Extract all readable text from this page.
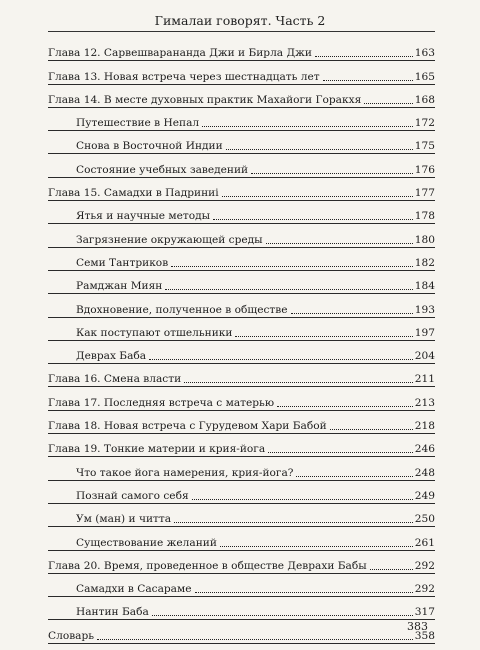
Гималаи говорят. Часть 2
Глава 12. Сарвешварананда Джи и Бирла Джи	163
Глава 13. Новая встреча через шестнадцать лет	165
Глава 14. В месте духовных практик Махайоги Горакхя	168
Путешествие в Непал	172
Снова в Восточной Индии	175
Состояние учебных заведений	176
Глава 15. Самадхи в Падриниi	177
Ятья и научные методы	178
Загрязнение окружающей среды	180
Семи Тантриков	182
Рамджан Миян	184
Вдохновение, полученное в обществе	193
Как поступают отшельники	197
Деврах Баба	204
Глава 16. Смена власти	211
Глава 17. Последняя встреча с матерью	213
Глава 18. Новая встреча с Гурудевом Хари Бабой	218
Глава 19. Тонкие материи и крия-йога	246
Что такое йога намерения, крия-йога?	248
Познай самого себя	249
Ум (ман) и читта	250
Существование желаний	261
Глава 20. Время, проведенное в обществе Деврахи Бабы	292
Самадхи в Сасараме	292
Нантин Баба	317
Словарь	358
383
